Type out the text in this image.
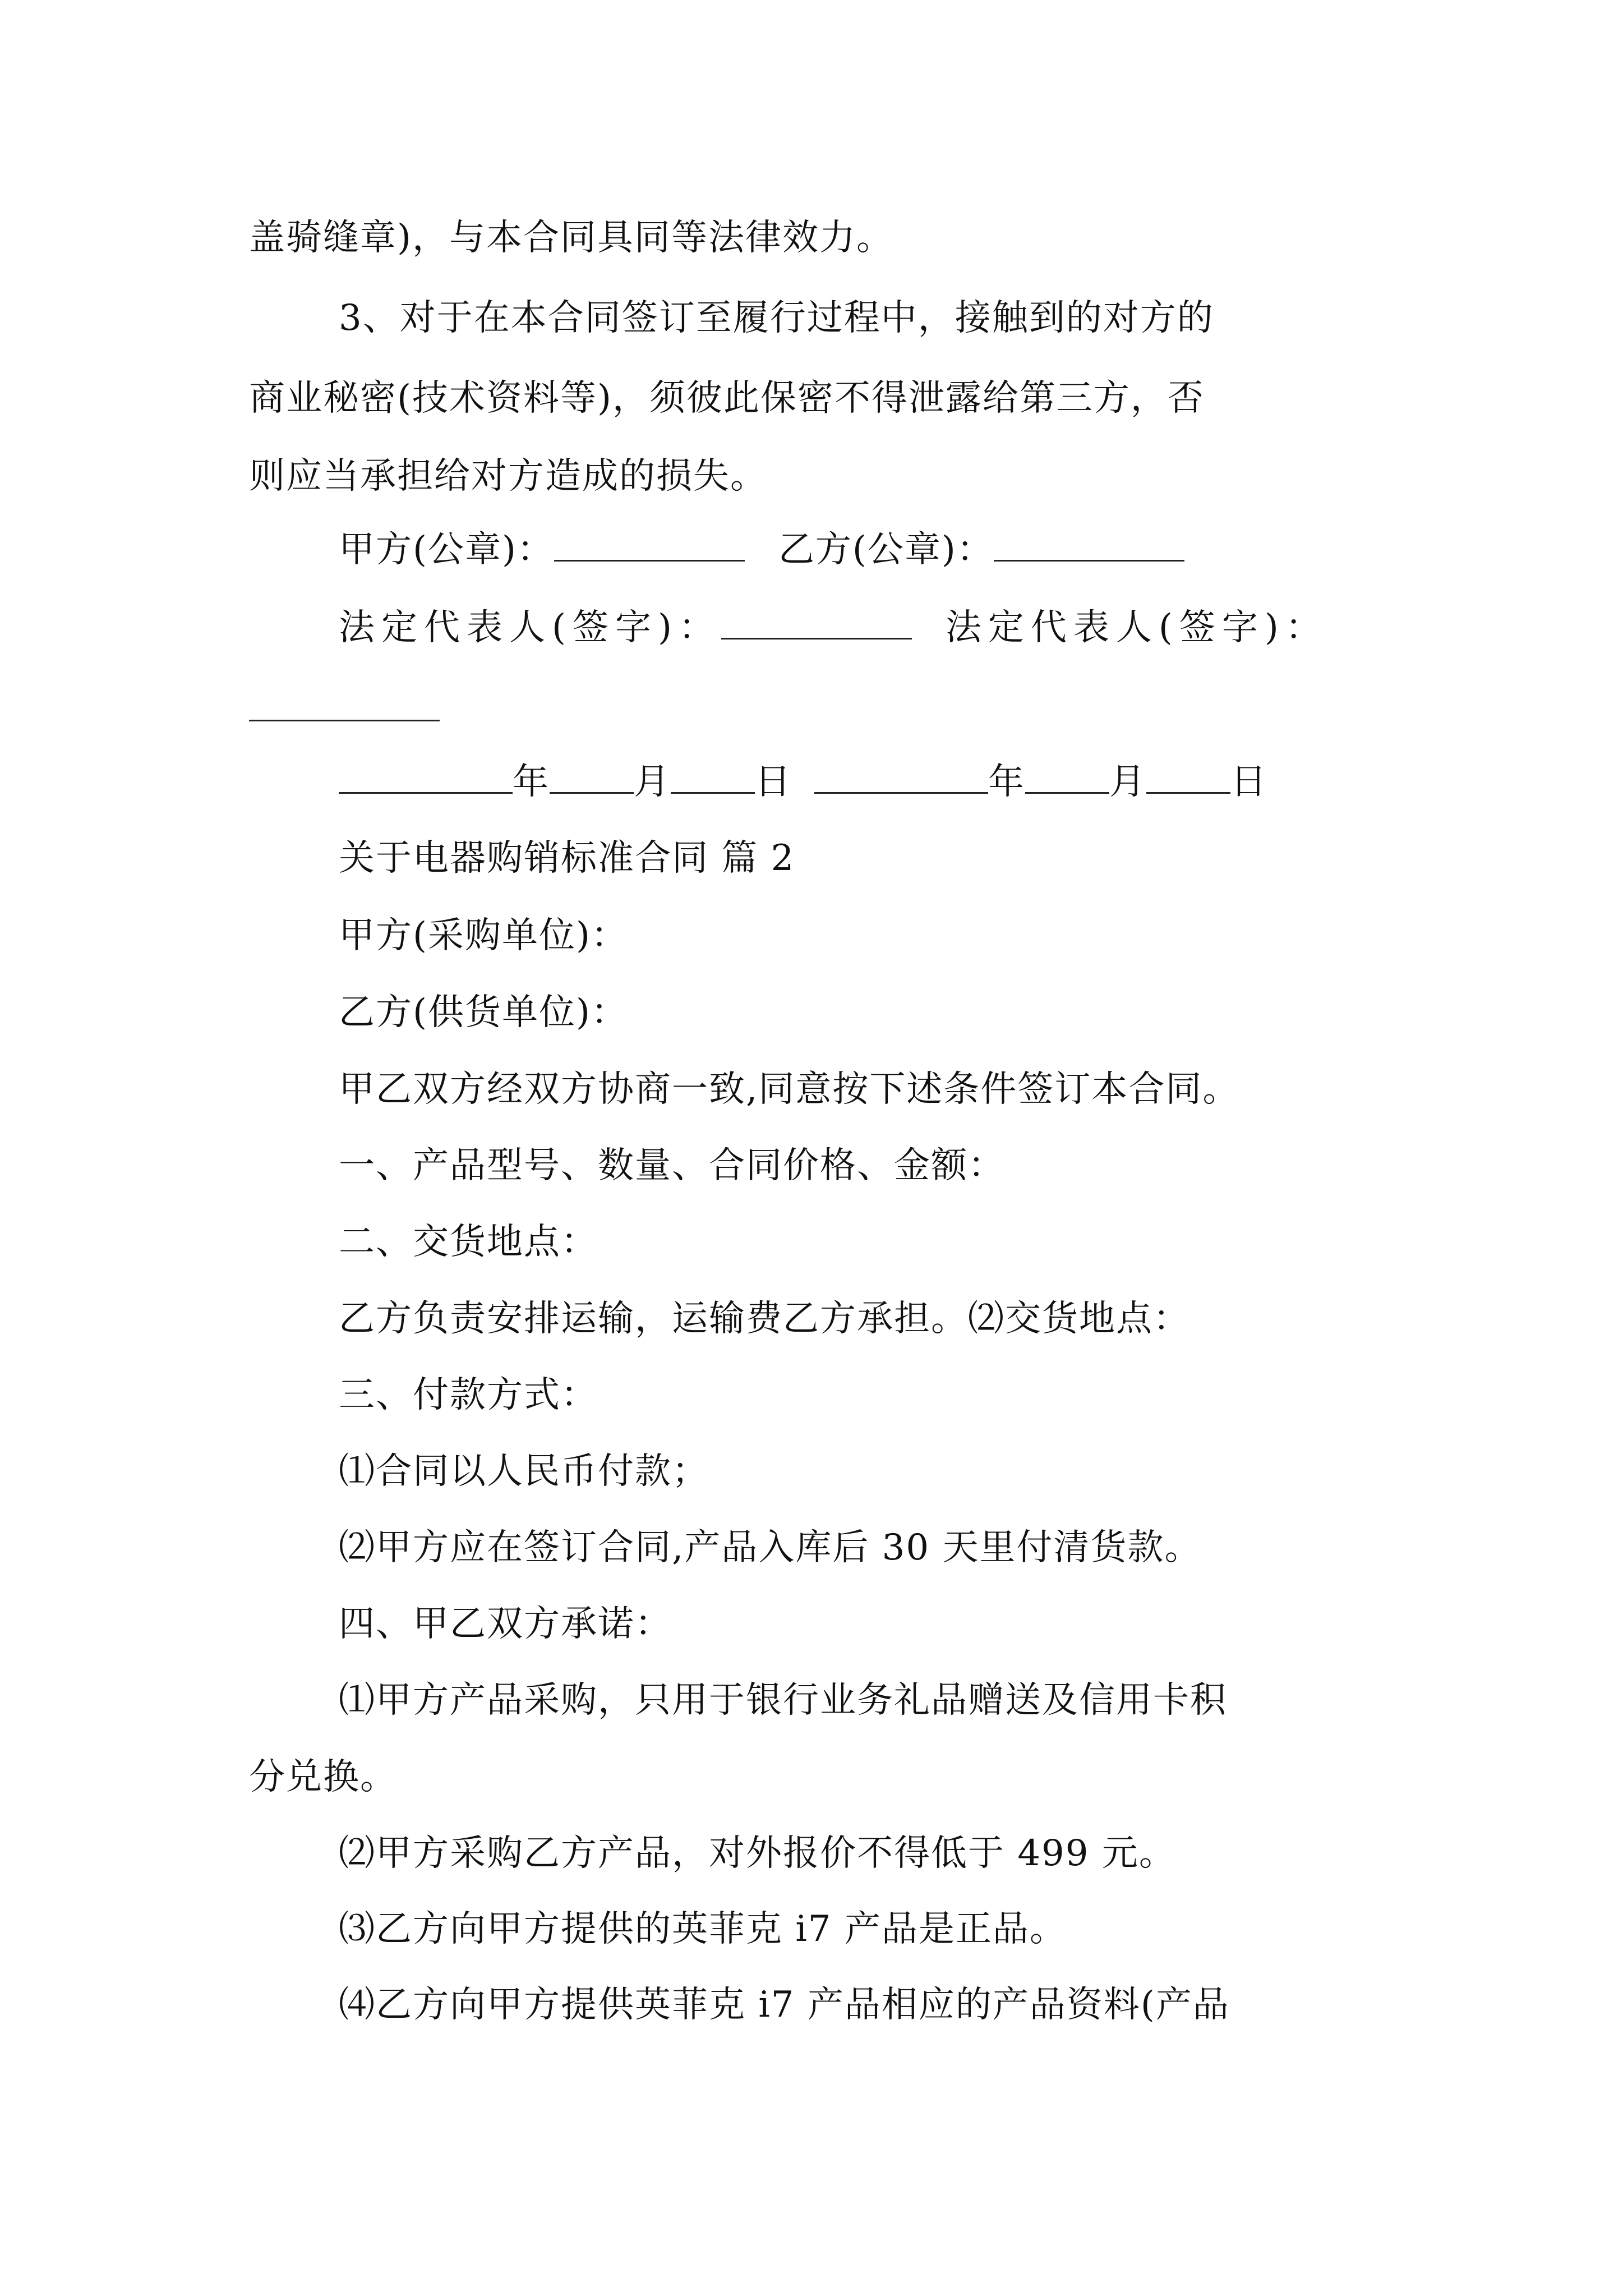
盖骑缝章)，与本合同具同等法律效力。
3、对于在本合同签订至履行过程中，接触到的对方的
商业秘密(技术资料等)，须彼此保密不得泄露给第三方，否
则应当承担给对方造成的损失。
甲方(公章)：	乙方(公章)：
法定代表人(签字)：	法定代表人(签字)：
年 月 日	年 月 日
关于电器购销标准合同 篇 2
甲方(采购单位)：
乙方(供货单位)：
甲乙双方经双方协商一致,同意按下述条件签订本合同。
一、产品型号、数量、合同价格、金额：
二、交货地点：
乙方负责安排运输，运输费乙方承担。⑵交货地点：
三、付款方式：
⑴合同以人民币付款；
⑵甲方应在签订合同,产品入库后 30 天里付清货款。
四、甲乙双方承诺：
⑴甲方产品采购，只用于银行业务礼品赠送及信用卡积
分兑换。
⑵甲方采购乙方产品，对外报价不得低于 499 元。
⑶乙方向甲方提供的英菲克 i7 产品是正品。
⑷乙方向甲方提供英菲克 i7 产品相应的产品资料(产品
